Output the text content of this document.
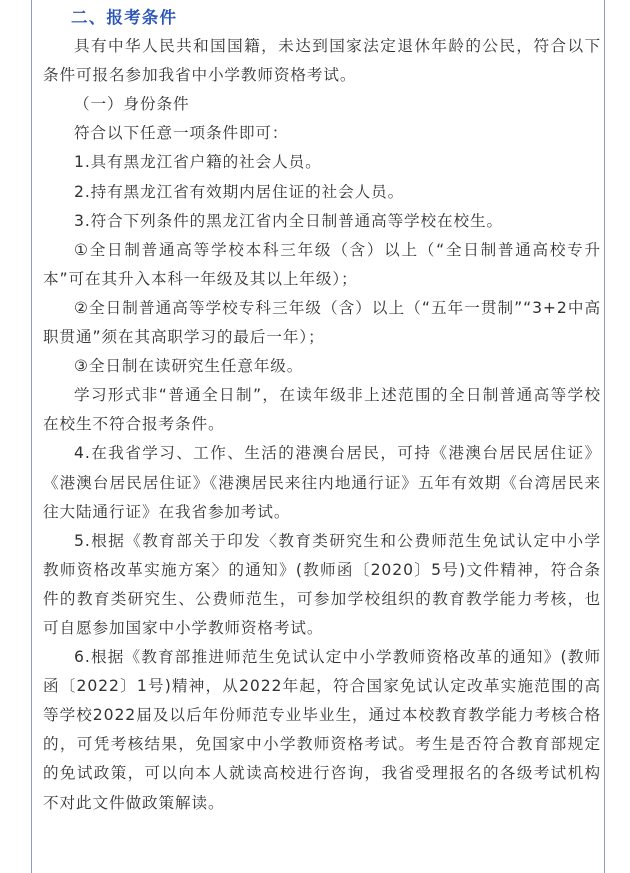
二、报考条件

具有中华人民共和国国籍，未达到国家法定退休年龄的公民，符合以下条件可报名参加我省中小学教师资格考试。

（一）身份条件

符合以下任意一项条件即可：

1.具有黑龙江省户籍的社会人员。

2.持有黑龙江省有效期内居住证的社会人员。

3.符合下列条件的黑龙江省内全日制普通高等学校在校生。

①全日制普通高等学校本科三年级（含）以上（“全日制普通高校专升本”可在其升入本科一年级及其以上年级）；

②全日制普通高等学校专科三年级（含）以上（“五年一贯制”“3+2中高职贯通”须在其高职学习的最后一年）；

③全日制在读研究生任意年级。

学习形式非“普通全日制”，在读年级非上述范围的全日制普通高等学校在校生不符合报考条件。

4.在我省学习、工作、生活的港澳台居民，可持《港澳台居民居住证》《港澳台居民居住证》《港澳居民来往内地通行证》五年有效期《台湾居民来往大陆通行证》在我省参加考试。

5.根据《教育部关于印发〈教育类研究生和公费师范生免试认定中小学教师资格改革实施方案〉的通知》(教师函〔2020〕5号)文件精神，符合条件的教育类研究生、公费师范生，可参加学校组织的教育教学能力考核，也可自愿参加国家中小学教师资格考试。

6.根据《教育部推进师范生免试认定中小学教师资格改革的通知》(教师函〔2022〕1号)精神，从2022年起，符合国家免试认定改革实施范围的高等学校2022届及以后年份师范专业毕业生，通过本校教育教学能力考核合格的，可凭考核结果，免国家中小学教师资格考试。考生是否符合教育部规定的免试政策，可以向本人就读高校进行咨询，我省受理报名的各级考试机构不对此文件做政策解读。
